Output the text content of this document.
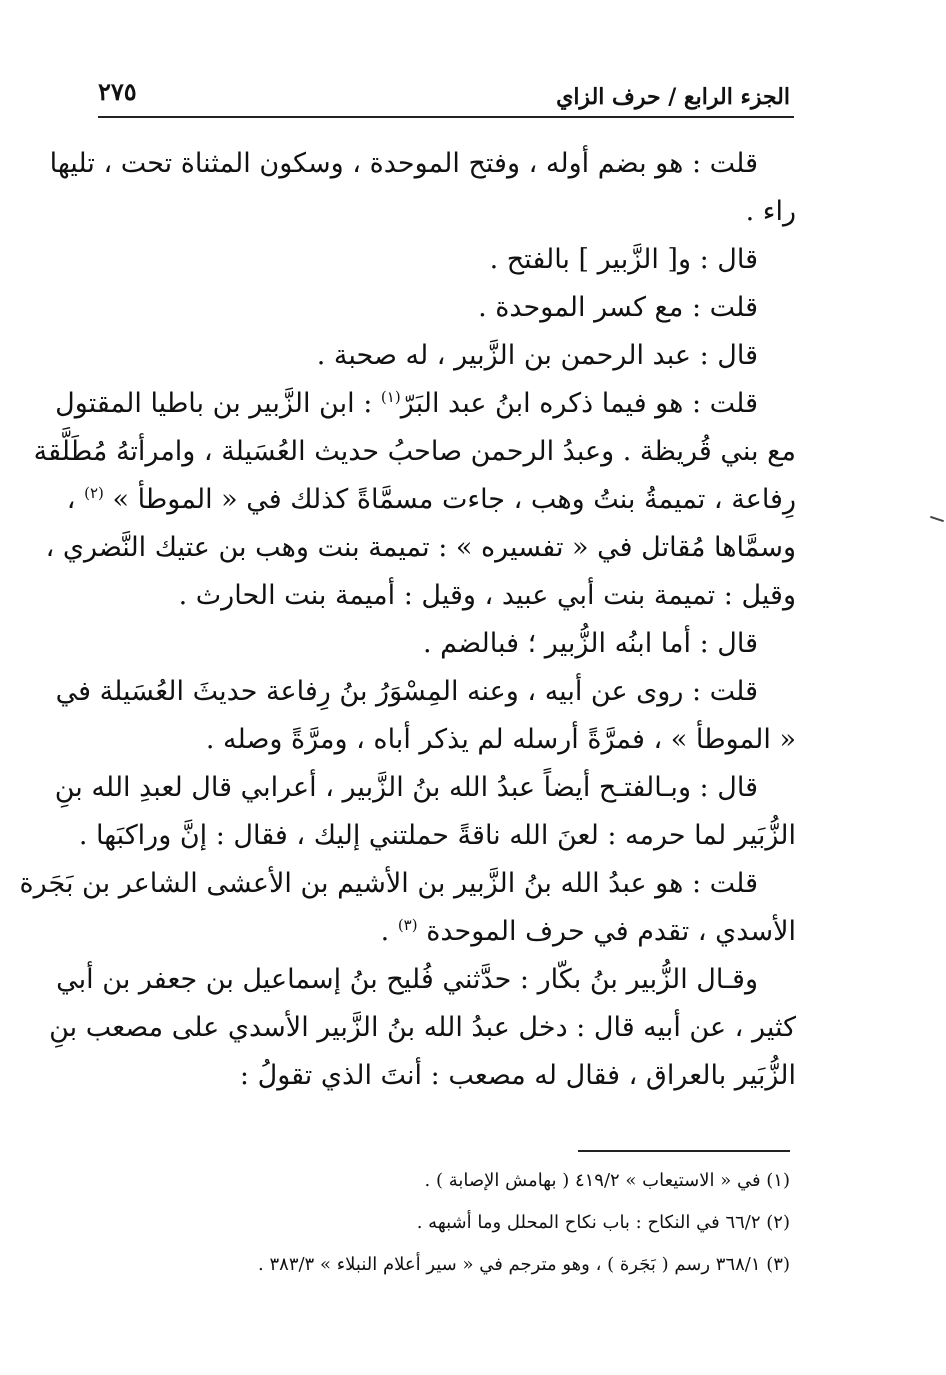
الجزء الرابع / حرف الزاي
٢٧٥
قلت : هو بضم أوله ، وفتح الموحدة ، وسكون المثناة تحت ، تليها
راء .
قال : و[ الزَّبير ] بالفتح .
قلت : مع كسر الموحدة .
قال : عبد الرحمن بن الزَّبير ، له صحبة .
قلت : هو فيما ذكره ابنُ عبد البَرّ$^{(١)}$ : ابن الزَّبير بن باطيا المقتول
مع بني قُريظة . وعبدُ الرحمن صاحبُ حديث العُسَيلة ، وامرأتهُ مُطَلَّقة
رِفاعة ، تميمةُ بنتُ وهب ، جاءت مسمَّاةً كذلك في « الموطأ » $^{(٢)}$ ،
وسمَّاها مُقاتل في « تفسيره » : تميمة بنت وهب بن عتيك النَّضري ،
وقيل : تميمة بنت أبي عبيد ، وقيل : أميمة بنت الحارث .
قال : أما ابنُه الزُّبير ؛ فبالضم .
قلت : روى عن أبيه ، وعنه المِسْوَرُ بنُ رِفاعة حديثَ العُسَيلة في
« الموطأ » ، فمرَّةً أرسله لم يذكر أباه ، ومرَّةً وصله .
قال : وبـالفتـح أيضاً عبدُ الله بنُ الزَّبير ، أعرابي قال لعبدِ الله بنِ
الزُّبَير لما حرمه : لعنَ الله ناقةً حملتني إليك ، فقال : إنَّ وراكبَها .
قلت : هو عبدُ الله بنُ الزَّبير بن الأشيم بن الأعشى الشاعر بن بَجَرة
الأسدي ، تقدم في حرف الموحدة $^{(٣)}$ .
وقـال الزُّبير بنُ بكّار : حدَّثني فُليح بنُ إسماعيل بن جعفر بن أبي
كثير ، عن أبيه قال : دخل عبدُ الله بنُ الزَّبير الأسدي على مصعب بنِ
الزُّبَير بالعراق ، فقال له مصعب : أنتَ الذي تقولُ :
(١) في « الاستيعاب » ٤١٩/٢ ( بهامش الإصابة ) .
(٢) ٦٦/٢ في النكاح : باب نكاح المحلل وما أشبهه .
(٣) ٣٦٨/١ رسم ( بَجَرة ) ، وهو مترجم في « سير أعلام النبلاء » ٣٨٣/٣ .
